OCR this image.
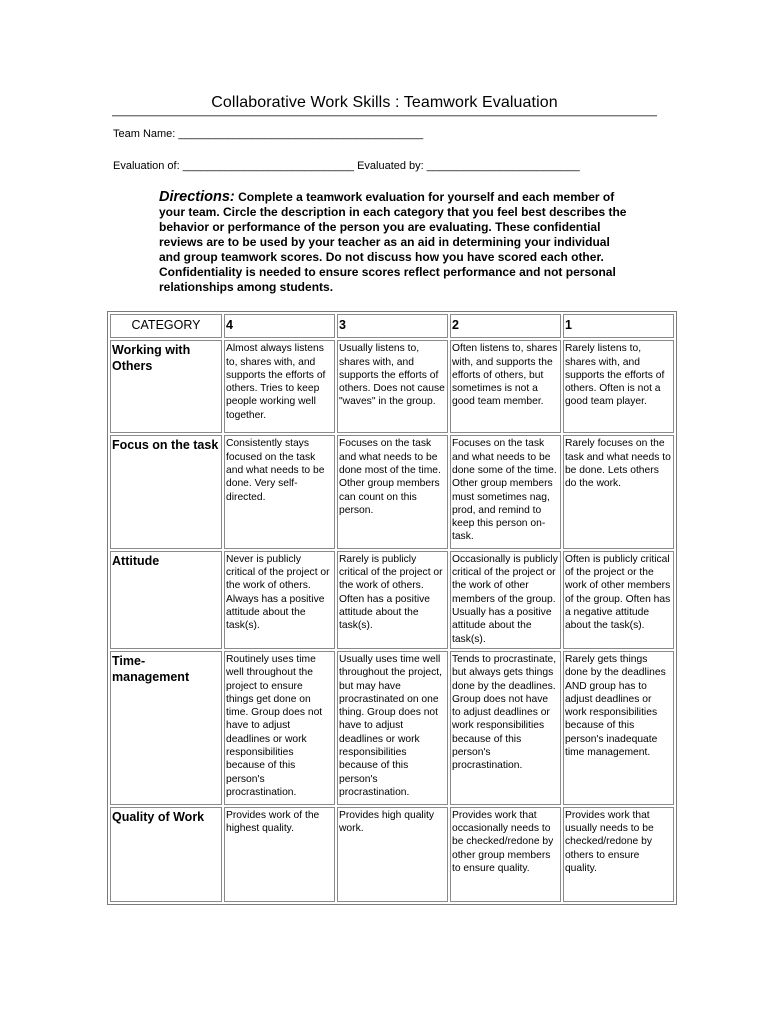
Collaborative Work Skills : Teamwork Evaluation
Team Name: ________________________________________
Evaluation of: ____________________________ Evaluated by: _________________________
Directions: Complete a teamwork evaluation for yourself and each member of your team. Circle the description in each category that you feel best describes the behavior or performance of the person you are evaluating. These confidential reviews are to be used by your teacher as an aid in determining your individual and group teamwork scores. Do not discuss how you have scored each other. Confidentiality is needed to ensure scores reflect performance and not personal relationships among students.
CATEGORY	4	3	2	1
Working with Others	Almost always listens to, shares with, and supports the efforts of others. Tries to keep people working well together.	Usually listens to, shares with, and supports the efforts of others. Does not cause "waves" in the group.	Often listens to, shares with, and supports the efforts of others, but sometimes is not a good team member.	Rarely listens to, shares with, and supports the efforts of others. Often is not a good team player.
Focus on the task	Consistently stays focused on the task and what needs to be done. Very self-directed.	Focuses on the task and what needs to be done most of the time. Other group members can count on this person.	Focuses on the task and what needs to be done some of the time. Other group members must sometimes nag, prod, and remind to keep this person on-task.	Rarely focuses on the task and what needs to be done. Lets others do the work.
Attitude	Never is publicly critical of the project or the work of others. Always has a positive attitude about the task(s).	Rarely is publicly critical of the project or the work of others. Often has a positive attitude about the task(s).	Occasionally is publicly critical of the project or the work of other members of the group. Usually has a positive attitude about the task(s).	Often is publicly critical of the project or the work of other members of the group. Often has a negative attitude about the task(s).
Time-management	Routinely uses time well throughout the project to ensure things get done on time. Group does not have to adjust deadlines or work responsibilities because of this person's procrastination.	Usually uses time well throughout the project, but may have procrastinated on one thing. Group does not have to adjust deadlines or work responsibilities because of this person's procrastination.	Tends to procrastinate, but always gets things done by the deadlines. Group does not have to adjust deadlines or work responsibilities because of this person's procrastination.	Rarely gets things done by the deadlines AND group has to adjust deadlines or work responsibilities because of this person's inadequate time management.
Quality of Work	Provides work of the highest quality.	Provides high quality work.	Provides work that occasionally needs to be checked/redone by other group members to ensure quality.	Provides work that usually needs to be checked/redone by others to ensure quality.
